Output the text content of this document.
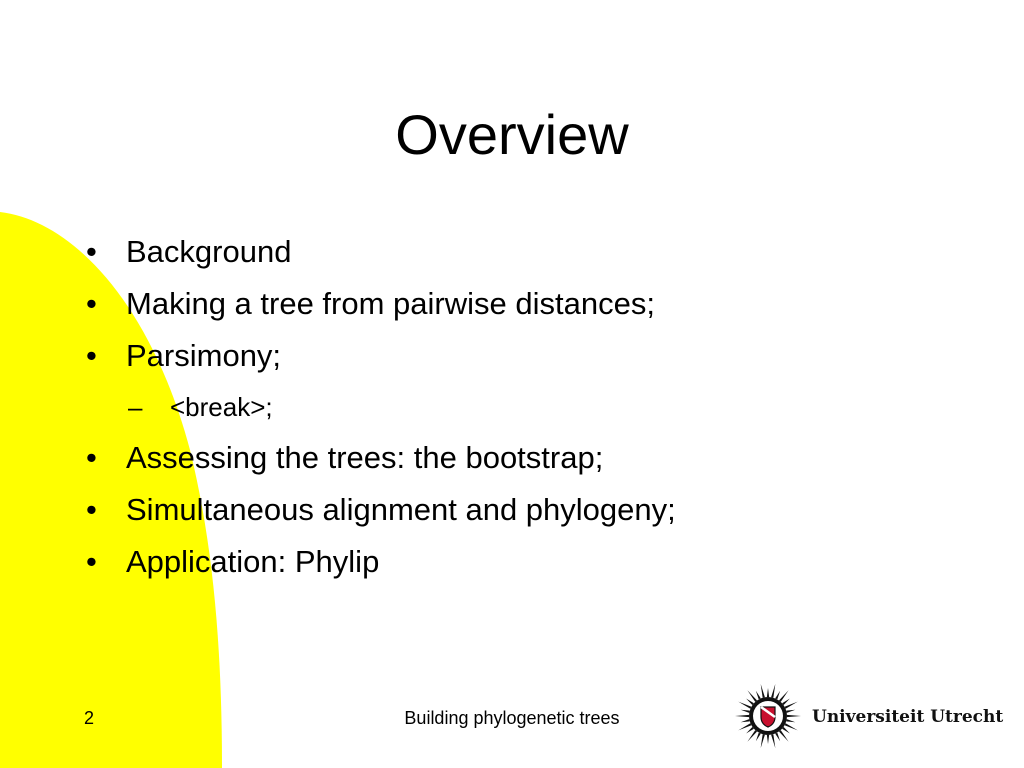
Overview
• Background
• Making a tree from pairwise distances;
• Parsimony;
– <break>;
• Assessing the trees: the bootstrap;
• Simultaneous alignment and phylogeny;
• Application: Phylip
2	Building phylogenetic trees	Universiteit Utrecht
